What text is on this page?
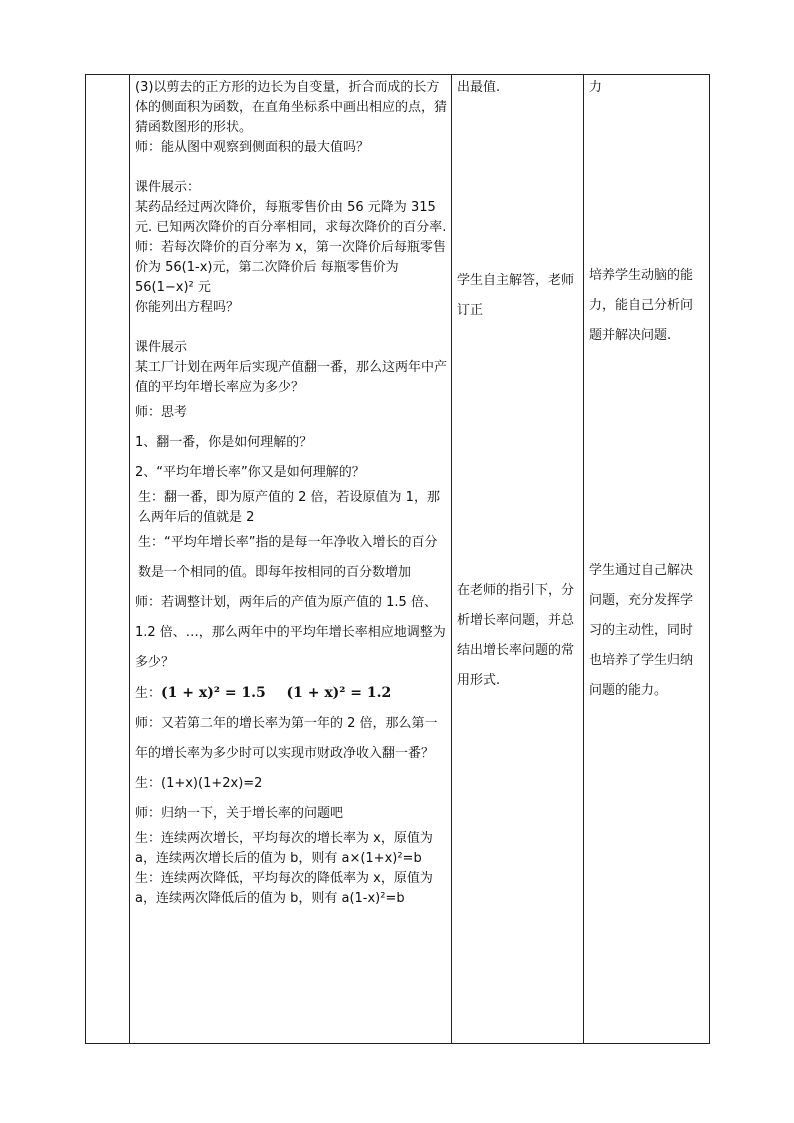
(3)以剪去的正方形的边长为自变量，折合而成的长方体的侧面积为函数，在直角坐标系中画出相应的点，猜猜函数图形的形状。

师：能从图中观察到侧面积的最大值吗？

课件展示：

某药品经过两次降价，每瓶零售价由 56 元降为 315 元. 已知两次降价的百分率相同，求每次降价的百分率.

师：若每次降价的百分率为 x，第一次降价后每瓶零售价为 56(1-x)元，第二次降价后 每瓶零售价为 56(1−x)² 元

你能列出方程吗？

课件展示

某工厂计划在两年后实现产值翻一番，那么这两年中产值的平均年增长率应为多少？

师：思考

1、翻一番，你是如何理解的？

2、“平均年增长率”你又是如何理解的？

生：翻一番，即为原产值的 2 倍，若设原值为 1，那么两年后的值就是 2

生：“平均年增长率”指的是每一年净收入增长的百分数是一个相同的值。即每年按相同的百分数增加

师：若调整计划，两年后的产值为原产值的 1.5 倍、1.2 倍、…，那么两年中的平均年增长率相应地调整为多少？

生：(1 + x)² = 1.5 (1 + x)² = 1.2

师：又若第二年的增长率为第一年的 2 倍，那么第一年的增长率为多少时可以实现市财政净收入翻一番？

生：(1+x)(1+2x)=2

师：归纳一下，关于增长率的问题吧

生：连续两次增长，平均每次的增长率为 x，原值为 a，连续两次增长后的值为 b，则有 a×(1+x)²=b

生：连续两次降低，平均每次的降低率为 x，原值为 a，连续两次降低后的值为 b，则有 a(1-x)²=b

出最值.

学生自主解答，老师订正

在老师的指引下，分析增长率问题，并总结出增长率问题的常用形式.

力

培养学生动脑的能力，能自己分析问题并解决问题.

学生通过自己解决问题，充分发挥学习的主动性，同时也培养了学生归纳问题的能力。
